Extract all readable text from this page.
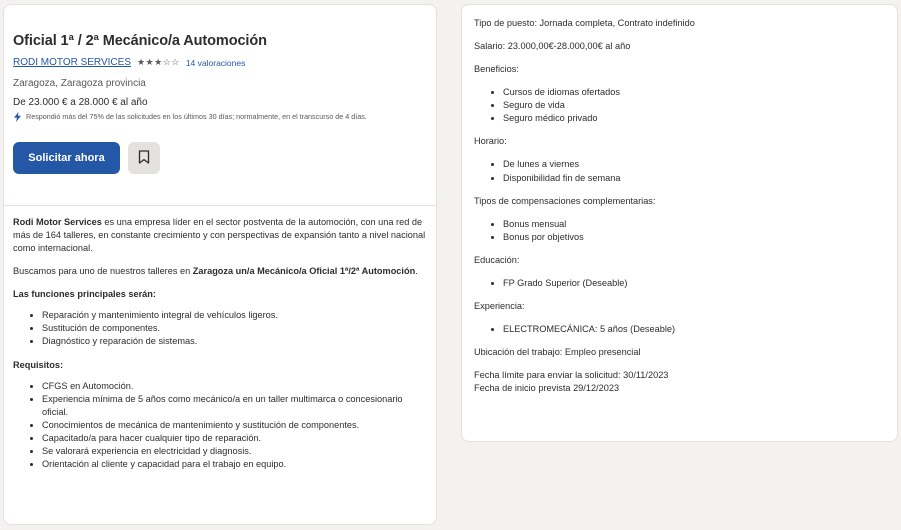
Oficial 1ª / 2ª Mecánico/a Automoción
RODI MOTOR SERVICES ★★★☆☆ 14 valoraciones
Zaragoza, Zaragoza provincia
De 23.000 € a 28.000 € al año
Respondió más del 75% de las solicitudes en los últimos 30 días; normalmente, en el transcurso de 4 días.
Solicitar ahora

Rodi Motor Services es una empresa líder en el sector postventa de la automoción, con una red de más de 164 talleres, en constante crecimiento y con perspectivas de expansión tanto a nivel nacional como internacional.

Buscamos para uno de nuestros talleres en Zaragoza un/a Mecánico/a Oficial 1ª/2ª Automoción.

Las funciones principales serán:
• Reparación y mantenimiento integral de vehículos ligeros.
• Sustitución de componentes.
• Diagnóstico y reparación de sistemas.
Requisitos:
• CFGS en Automoción.
• Experiencia mínima de 5 años como mecánico/a en un taller multimarca o concesionario oficial.
• Conocimientos de mecánica de mantenimiento y sustitución de componentes.
• Capacitado/a para hacer cualquier tipo de reparación.
• Se valorará experiencia en electricidad y diagnosis.
• Orientación al cliente y capacidad para el trabajo en equipo.

Tipo de puesto: Jornada completa, Contrato indefinido

Salario: 23.000,00€-28.000,00€ al año

Beneficios:

• Cursos de idiomas ofertados
• Seguro de vida
• Seguro médico privado

Horario:

• De lunes a viernes
• Disponibilidad fin de semana

Tipos de compensaciones complementarias:

• Bonus mensual
• Bonus por objetivos

Educación:

• FP Grado Superior (Deseable)

Experiencia:

• ELECTROMECÁNICA: 5 años (Deseable)

Ubicación del trabajo: Empleo presencial

Fecha límite para enviar la solicitud: 30/11/2023
Fecha de inicio prevista 29/12/2023
